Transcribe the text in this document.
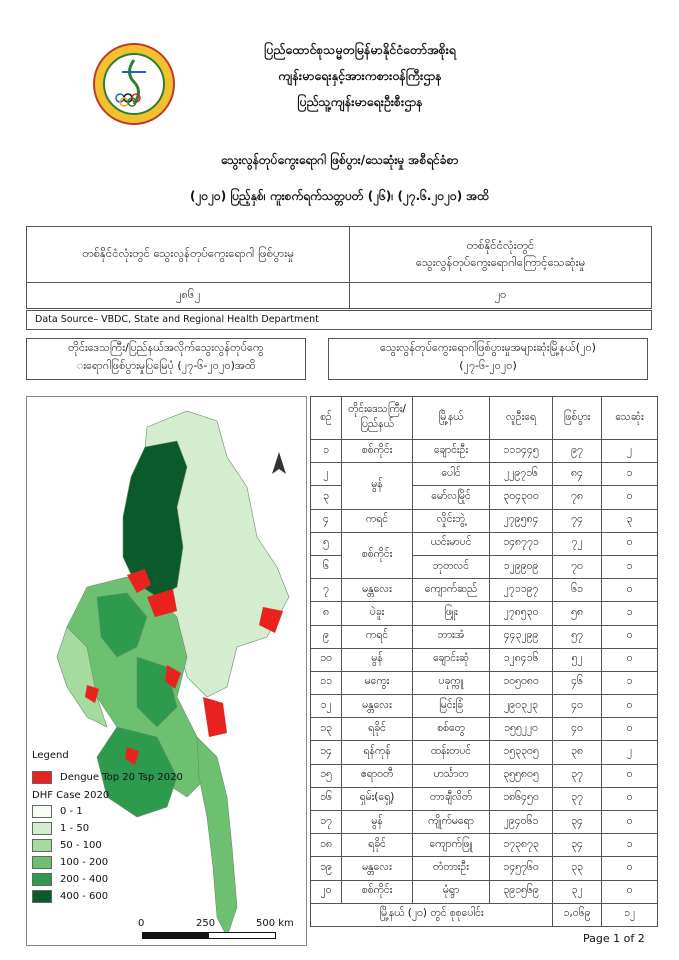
ပြည်ထောင်စုသမ္မတမြန်မာနိုင်ငံတော်အစိုးရ
ကျန်းမာရေးနှင့်အားကစားဝန်ကြီးဌာန
ပြည်သူ့ကျန်းမာရေးဦးစီးဌာန
သွေးလွန်တုပ်ကွေးရောဂါ ဖြစ်ပွား/သေဆုံးမှု အစီရင်ခံစာ
(၂၀၂၀) ပြည့်နှစ်၊ ကူးစက်ရက်သတ္တပတ် (၂၆)၊ (၂၇.၆.၂၀၂၀) အထိ
တစ်နိုင်ငံလုံးတွင် သွေးလွန်တုပ်ကွေးရောဂါ ဖြစ်ပွားမှု	တစ်နိုင်ငံလုံးတွင်
သွေးလွန်တုပ်ကွေးရောဂါကြောင့်သေဆုံးမှု

၂၈၆၂	၂၀
Data Source– VBDC, State and Regional Health Department
တိုင်းဒေသကြီး/ပြည်နယ်အလိုက်သွေးလွန်တုပ်ကွေ
းရောဂါဖြစ်ပွားမှုပြမြေပုံ (၂၇-၆-၂၀၂၀)အထိ
သွေးလွန်တုပ်ကွေးရောဂါဖြစ်ပွားမှုအများဆုံးမြို့နယ်(၂၀)
(၂၇-၆-၂၀၂၀)
Legend
Dengue Top 20 Tsp 2020
DHF Case 2020
0 - 1
1 - 50
50 - 100
100 - 200
200 - 400
400 - 600
0	250	500 km
စဉ်	တိုင်းဒေသကြီး/ ပြည်နယ်	မြို့နယ်	လူဦးရေ	ဖြစ်ပွား	သေဆုံး
၁	စစ်ကိုင်း	ချောင်းဦး	၁၁၁၄၄၅	၉၇	၂
၂	မွန်	ပေါင်	၂၂၉၇၁၆	၈၄	၁
၃		မော်လမြိုင်	၃၀၄၃၀၀	၇၈	၀
၄	ကရင်	လှိုင်းဘွဲ့	၂၇၉၅၈၄	၇၄	၃
၅	စစ်ကိုင်း	ယင်းမာပင်	၁၄၈၇၇၁	၇၂	၀
၆		ဘုတလင်	၁၂၉၉၀၉	၇၀	၁
၇	မန္တလေး	ကျောက်ဆည်	၂၇၁၁၉၇	၆၁	၀
၈	ပဲခူး	ဖြူး	၂၇၈၅၃၀	၅၈	၁
၉	ကရင်	ဘားအံ	၄၄၃၂၉၉	၅၇	၀
၁၀	မွန်	ချောင်းဆုံ	၁၂၈၄၁၆	၅၂	၀
၁၁	မကွေး	ပခုက္ကူ	၁၀၅၀၈၀	၄၆	၁
၁၂	မန္တလေး	မြင်းခြံ	၂၉၀၃၂၃	၄၀	၀
၁၃	ရခိုင်	စစ်တွေ	၁၅၅၂၂၀	၄၀	၀
၁၄	ရန်ကုန်	ထန်းတပင်	၁၅၃၃၀၅	၃၈	၂
၁၅	ဧရာဝတီ	ဟင်္သာတ	၃၅၅၈၀၅	၃၇	၀
၁၆	ရှမ်း(ရှေ့)	တာချီလိတ်	၁၈၆၄၅၀	၃၇	၀
၁၇	မွန်	ကျိုက်မရော	၂၉၄၀၆၁	၃၄	၀
၁၈	ရခိုင်	ကျောက်ဖြူ	၁၇၃၈၇၃	၃၄	၁
၁၉	မန္တလေး	တံတားဦး	၁၄၅၇၆၀	၃၃	၀
၂၀	စစ်ကိုင်း	မုံရွာ	၃၉၁၅၆၉	၃၂	၀
မြို့နယ် (၂၀) တွင် စုစုပေါင်း				၁,၀၆၉	၁၂
Page 1 of 2
